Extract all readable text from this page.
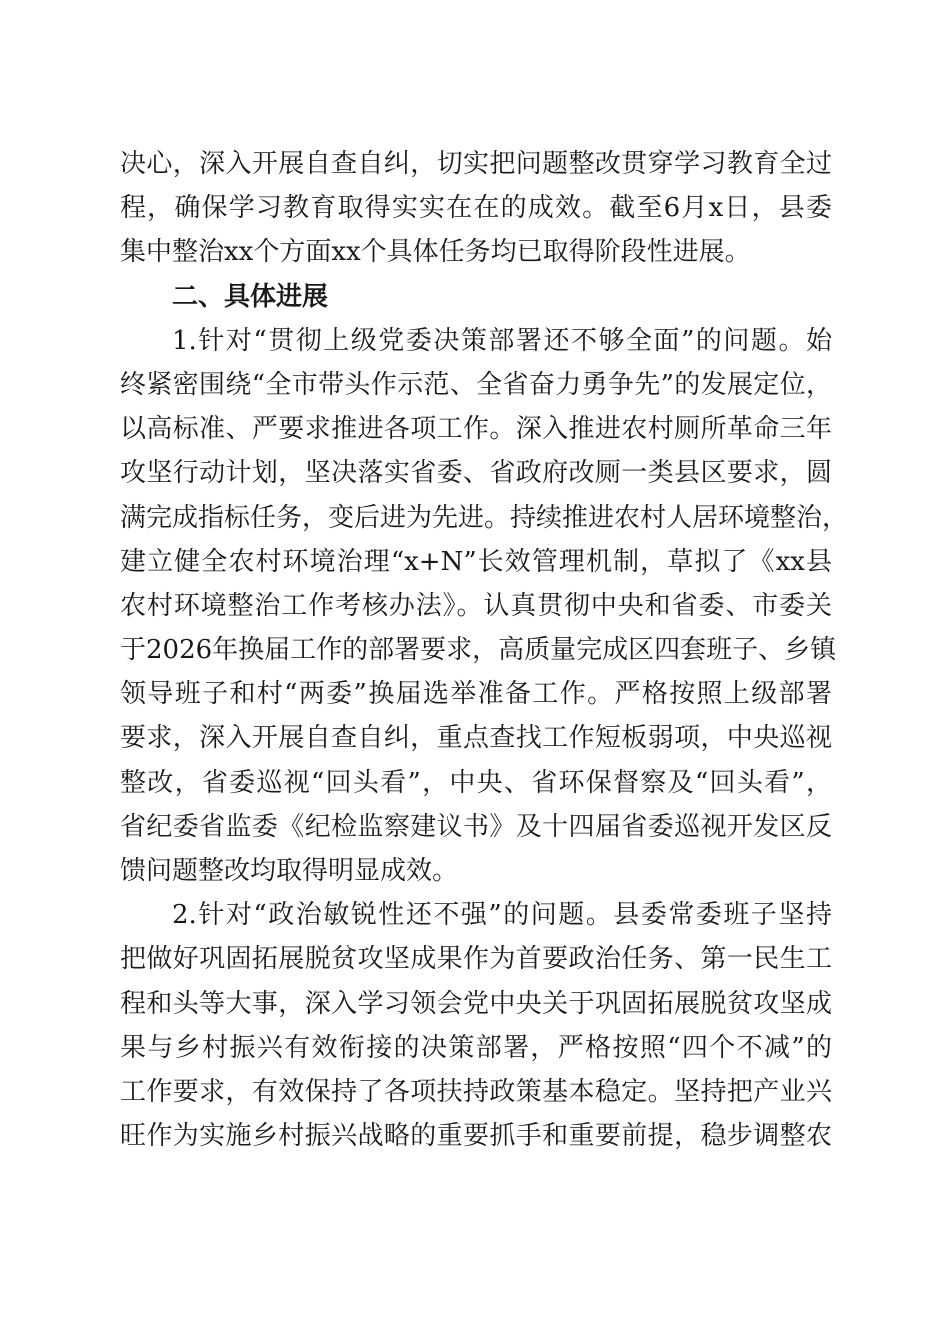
决心，深入开展自查自纠，切实把问题整改贯穿学习教育全过
程，确保学习教育取得实实在在的成效。截至6月x日，县委
集中整治xx个方面xx个具体任务均已取得阶段性进展。
二、具体进展
1.针对“贯彻上级党委决策部署还不够全面”的问题。始
终紧密围绕“全市带头作示范、全省奋力勇争先”的发展定位，
以高标准、严要求推进各项工作。深入推进农村厕所革命三年
攻坚行动计划，坚决落实省委、省政府改厕一类县区要求，圆
满完成指标任务，变后进为先进。持续推进农村人居环境整治，
建立健全农村环境治理“x+N”长效管理机制，草拟了《xx县
农村环境整治工作考核办法》。认真贯彻中央和省委、市委关
于2026年换届工作的部署要求，高质量完成区四套班子、乡镇
领导班子和村“两委”换届选举准备工作。严格按照上级部署
要求，深入开展自查自纠，重点查找工作短板弱项，中央巡视
整改，省委巡视“回头看”，中央、省环保督察及“回头看”，
省纪委省监委《纪检监察建议书》及十四届省委巡视开发区反
馈问题整改均取得明显成效。
2.针对“政治敏锐性还不强”的问题。县委常委班子坚持
把做好巩固拓展脱贫攻坚成果作为首要政治任务、第一民生工
程和头等大事，深入学习领会党中央关于巩固拓展脱贫攻坚成
果与乡村振兴有效衔接的决策部署，严格按照“四个不减”的
工作要求，有效保持了各项扶持政策基本稳定。坚持把产业兴
旺作为实施乡村振兴战略的重要抓手和重要前提，稳步调整农
